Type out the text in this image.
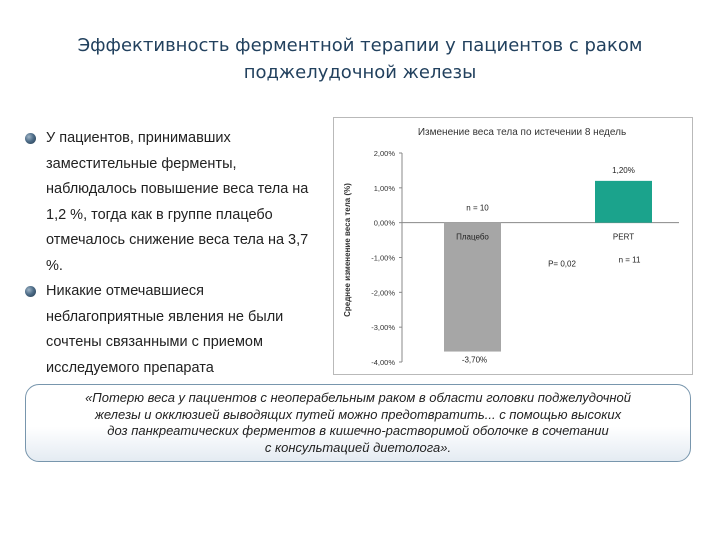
Эффективность ферментной терапии у пациентов с раком
поджелудочной железы
У пациентов, принимавших заместительные ферменты, наблюдалось повышение веса тела на 1,2 %, тогда как в группе плацебо отмечалось снижение веса тела на 3,7 %.
Никакие отмечавшиеся неблагоприятные явления не были сочтены связанными с приемом исследуемого препарата
Изменение веса тела по истечении 8 недель
Среднее изменение веса тела (%)
2,00%
1,00%
0,00%
-1,00%
-2,00%
-3,00%
-4,00%
Плацебо	PERT
-3,70%
1,20%
n = 10
n = 11
P= 0,02
«Потерю веса у пациентов с неоперабельным раком в области головки поджелудочной
железы и окклюзией выводящих путей можно предотвратить... с помощью высоких
доз панкреатических ферментов в кишечно-растворимой оболочке в сочетании
с консультацией диетолога».
